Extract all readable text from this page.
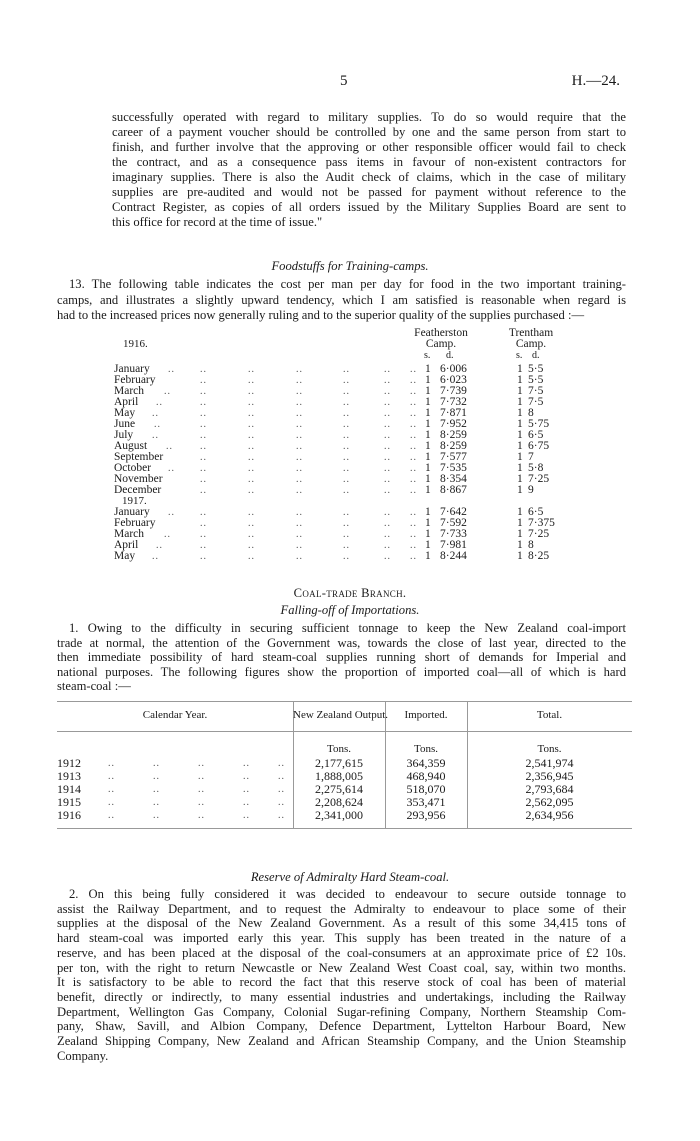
5	H.—24.
successfully operated with regard to military supplies. To do so would require that the
career of a payment voucher should be controlled by one and the same person from start to
finish, and further involve that the approving or other responsible officer would fail to check
the contract, and as a consequence pass items in favour of non-existent contractors for
imaginary supplies. There is also the Audit check of claims, which in the case of military
supplies are pre-audited and would not be passed for payment without reference to the
Contract Register, as copies of all orders issued by the Military Supplies Board are sent to
this office for record at the time of issue."
Foodstuffs for Training-camps.
13. The following table indicates the cost per man per day for food in the two important training-
camps, and illustrates a slightly upward tendency, which I am satisfied is reasonable when regard is
had to the increased prices now generally ruling and to the superior quality of the supplies purchased :—
Featherston
Camp.
Trentham
Camp.
1916.
s. d.	s. d.
January ..	..	..	..	..	.. .. 1 6·006	1 5·5
February	..	..	..	..	.. .. 1 6·023	1 5·5
March ..	..	..	..	..	.. .. 1 7·739	1 7·5
April ..	..	..	..	..	.. .. 1 7·732	1 7·5
May ..	..	..	..	..	.. .. 1 7·871	1 8
June ..	..	..	..	..	.. .. 1 7·952	1 5·75
July ..	..	..	..	..	.. .. 1 8·259	1 6·5
August ..	..	..	..	..	.. .. 1 8·259	1 6·75
September	..	..	..	..	.. .. 1 7·577	1 7
October ..	..	..	..	..	.. .. 1 7·535	1 5·8
November	..	..	..	..	.. .. 1 8·354	1 7·25
December	..	..	..	..	.. .. 1 8·867	1 9
1917.
January ..	..	..	..	..	.. .. 1 7·642	1 6·5
February	..	..	..	..	.. .. 1 7·592	1 7·375
March ..	..	..	..	..	.. .. 1 7·733	1 7·25
April ..	..	..	..	..	.. .. 1 7·981	1 8
May ..	..	..	..	..	.. .. 1 8·244	1 8·25
Coal-trade Branch.
Falling-off of Importations.
1. Owing to the difficulty in securing sufficient tonnage to keep the New Zealand coal-import
trade at normal, the attention of the Government was, towards the close of last year, directed to the
then immediate possibility of hard steam-coal supplies running short of demands for Imperial and
national purposes. The following figures show the proportion of imported coal—all of which is hard
steam-coal :—
Calendar Year.	New Zealand Output.	Imported.	Total.
Tons.	Tons.	Tons.
1912	..	..	..	..	..	2,177,615	364,359	2,541,974
1913	..	..	..	..	..	1,888,005	468,940	2,356,945
1914	..	..	..	..	..	2,275,614	518,070	2,793,684
1915	..	..	..	..	..	2,208,624	353,471	2,562,095
1916	..	..	..	..	..	2,341,000	293,956	2,634,956
Reserve of Admiralty Hard Steam-coal.
2. On this being fully considered it was decided to endeavour to secure outside tonnage to
assist the Railway Department, and to request the Admiralty to endeavour to place some of their
supplies at the disposal of the New Zealand Government. As a result of this some 34,415 tons of
hard steam-coal was imported early this year. This supply has been treated in the nature of a
reserve, and has been placed at the disposal of the coal-consumers at an approximate price of £2 10s.
per ton, with the right to return Newcastle or New Zealand West Coast coal, say, within two months.
It is satisfactory to be able to record the fact that this reserve stock of coal has been of material
benefit, directly or indirectly, to many essential industries and undertakings, including the Railway
Department, Wellington Gas Company, Colonial Sugar-refining Company, Northern Steamship Com-
pany, Shaw, Savill, and Albion Company, Defence Department, Lyttelton Harbour Board, New
Zealand Shipping Company, New Zealand and African Steamship Company, and the Union Steamship
Company.
